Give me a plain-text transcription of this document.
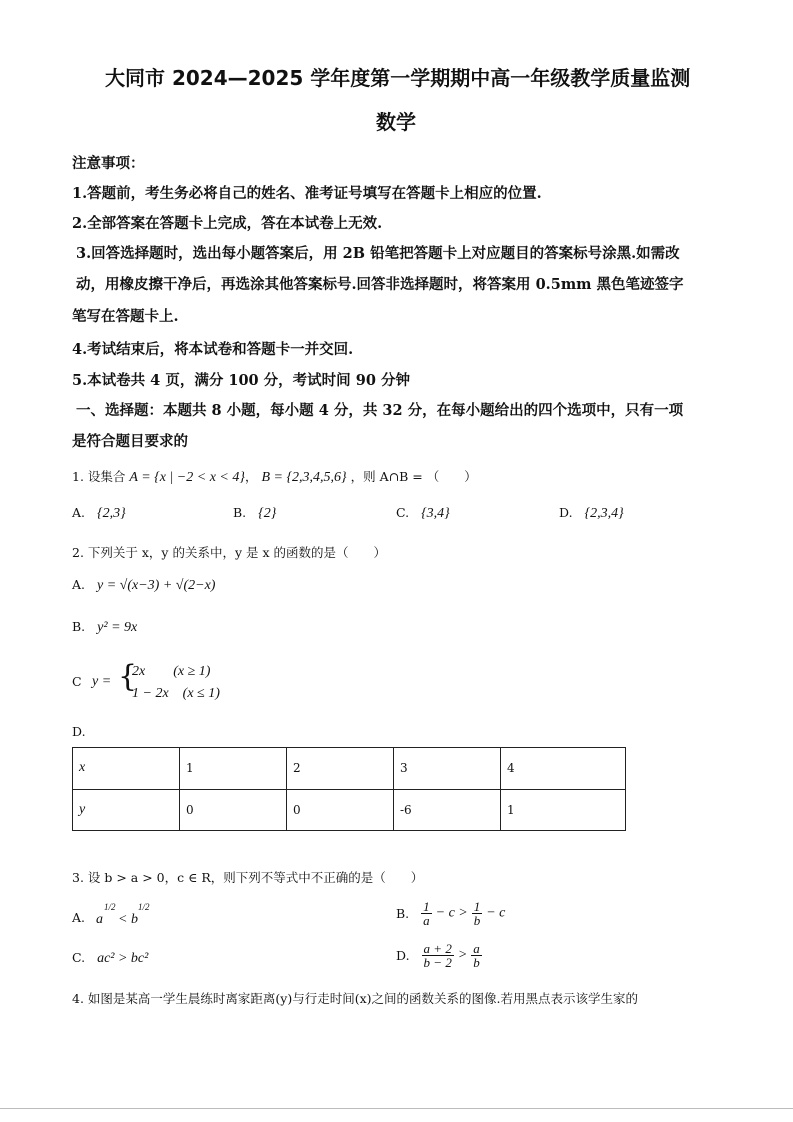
大同市 2024—2025 学年度第一学期期中高一年级教学质量监测
数学
注意事项：
1.答题前，考生务必将自己的姓名、准考证号填写在答题卡上相应的位置.
2.全部答案在答题卡上完成，答在本试卷上无效.
3.回答选择题时，选出每小题答案后，用 2B 铅笔把答题卡上对应题目的答案标号涂黑.如需改
动，用橡皮擦干净后，再选涂其他答案标号.回答非选择题时，将答案用 0.5mm 黑色笔迹签字
笔写在答题卡上.
4.考试结束后，将本试卷和答题卡一并交回.
5.本试卷共 4 页，满分 100 分，考试时间 90 分钟
一、选择题：本题共 8 小题，每小题 4 分，共 32 分，在每小题给出的四个选项中，只有一项
是符合题目要求的
1. 设集合 A = {x | −2 < x < 4}， B = {2,3,4,5,6} ，则 A∩B = （　　）
A. {2,3}	B. {2}	C. {3,4}	D. {2,3,4}
2. 下列关于 x，y 的关系中，y 是 x 的函数的是（　　）
A. y = √(x−3) + √(2−x)
B. y² = 9x
C y = {
2x　　(x ≥ 1)
1 − 2x　(x ≤ 1)
D.
x	1	2	3	4
y	0	0	-6	1
3. 设 b > a > 0，c ∈ R，则下列不等式中不正确的是（　　）
A. a
1/2
< b
1/2	B. $\frac{1}{a} - c > \frac{1}{b} - c$
C. ac² > bc²	D. $\frac{a + 2}{b - 2} > \frac{a}{b}$
4. 如图是某高一学生晨练时离家距离(y)与行走时间(x)之间的函数关系的图像.若用黑点表示该学生家的
